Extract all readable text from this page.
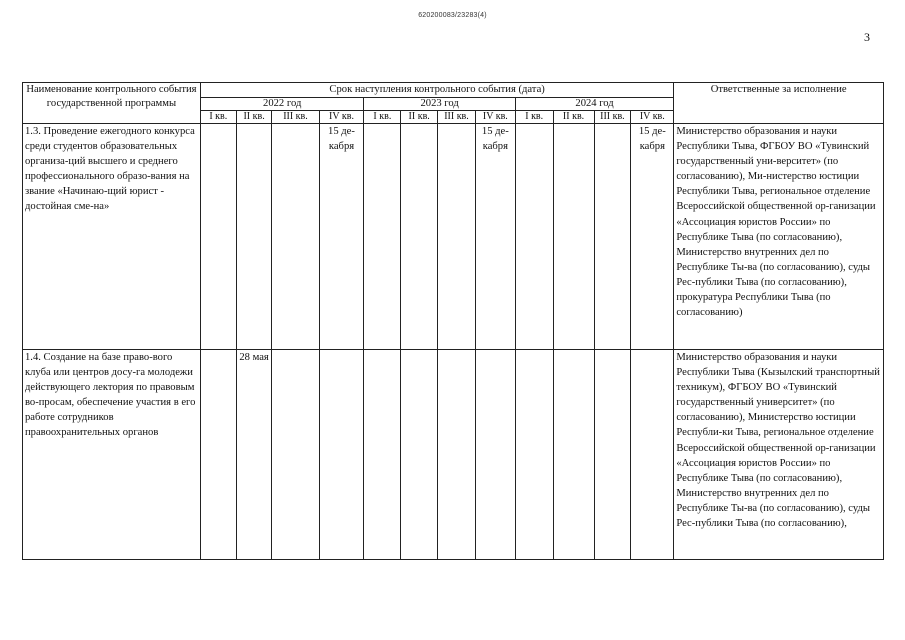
620200083/23283(4)
3
Наименование контрольного события государственной программы	Срок наступления контрольного события (дата)												Ответственные за исполнение
	2022 год				2023 год				2024 год				
	I кв.	II кв.	III кв.	IV кв.	I кв.	II кв.	III кв.	IV кв.	I кв.	II кв.	III кв.	IV кв.	
1.3. Проведение ежегодного конкурса среди студентов образовательных организа-ций высшего и среднего профессионального образо-вания на звание «Начинаю-щий юрист - достойная сме-на»				15 де-кабря				15 де-кабря				15 де-кабря	Министерство образования и науки Республики Тыва, ФГБОУ ВО «Тувинский государственный уни-верситет» (по согласованию), Ми-нистерство юстиции Республики Тыва, региональное отделение Всероссийской общественной ор-ганизации «Ассоциация юристов России» по Республике Тыва (по согласованию), Министерство внутренних дел по Республике Ты-ва (по согласованию), суды Рес-публики Тыва (по согласованию), прокуратура Республики Тыва (по согласованию)
1.4. Создание на базе право-вого клуба или центров досу-га молодежи действующего лектория по правовым во-просам, обеспечение участия в его работе сотрудников правоохранительных органов		28 мая											Министерство образования и науки Республики Тыва (Кызылский транспортный техникум), ФГБОУ ВО «Тувинский государственный университет» (по согласованию), Министерство юстиции Республи-ки Тыва, региональное отделение Всероссийской общественной ор-ганизации «Ассоциация юристов России» по Республике Тыва (по согласованию), Министерство внутренних дел по Республике Ты-ва (по согласованию), суды Рес-публики Тыва (по согласованию),
